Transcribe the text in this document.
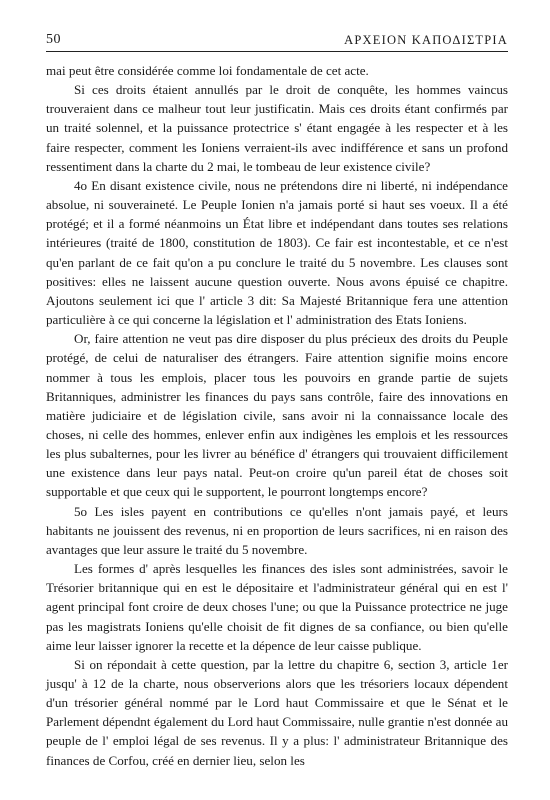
50	ΑΡΧΕΙΟΝ ΚΑΠΟΔΙΣΤΡΙΑ

mai peut être considérée comme loi fondamentale de cet acte.

Si ces droits étaient annullés par le droit de conquête, les hommes vaincus trouveraient dans ce malheur tout leur justificatin. Mais ces droits étant confirmés par un traité solennel, et la puissance protectrice s' étant engagée à les respecter et à les faire respecter, comment les Ioniens verraient-ils avec indifférence et sans un profond ressentiment dans la charte du 2 mai, le tombeau de leur existence civile?

4o En disant existence civile, nous ne prétendons dire ni liberté, ni indépendance absolue, ni souveraineté. Le Peuple Ionien n'a jamais porté si haut ses voeux. Il a été protégé; et il a formé néanmoins un État libre et indépendant dans toutes ses relations intérieures (traité de 1800, constitution de 1803). Ce fair est incontestable, et ce n'est qu'en parlant de ce fait qu'on a pu conclure le traité du 5 novembre. Les clauses sont positives: elles ne laissent aucune question ouverte. Nous avons épuisé ce chapitre. Ajoutons seulement ici que l' article 3 dit: Sa Majesté Britannique fera une attention particulière à ce qui concerne la législation et l' administration des Etats Ioniens.

Or, faire attention ne veut pas dire disposer du plus précieux des droits du Peuple protégé, de celui de naturaliser des étrangers. Faire attention signifie moins encore nommer à tous les emplois, placer tous les pouvoirs en grande partie de sujets Britanniques, administrer les finances du pays sans contrôle, faire des innovations en matière judiciaire et de législation civile, sans avoir ni la connaissance locale des choses, ni celle des hommes, enlever enfin aux indigènes les emplois et les ressources les plus subalternes, pour les livrer au bénéfice d' étrangers qui trouvaient difficilement une existence dans leur pays natal. Peut-on croire qu'un pareil état de choses soit supportable et que ceux qui le supportent, le pourront longtemps encore?

5o Les isles payent en contributions ce qu'elles n'ont jamais payé, et leurs habitants ne jouissent des revenus, ni en proportion de leurs sacrifices, ni en raison des avantages que leur assure le traité du 5 novembre.

Les formes d' après lesquelles les finances des isles sont administrées, savoir le Trésorier britannique qui en est le dépositaire et l'administrateur général qui en est l' agent principal font croire de deux choses l'une; ou que la Puissance protectrice ne juge pas les magistrats Ioniens qu'elle choisit de fit dignes de sa confiance, ou bien qu'elle aime leur laisser ignorer la recette et la dépence de leur caisse publique.

Si on répondait à cette question, par la lettre du chapitre 6, section 3, article 1er jusqu' à 12 de la charte, nous observerions alors que les trésoriers locaux dépendent d'un trésorier général nommé par le Lord haut Commissaire et que le Sénat et le Parlement dépendnt également du Lord haut Commissaire, nulle grantie n'est donnée au peuple de l' emploi légal de ses revenus. Il y a plus: l' administrateur Britannique des finances de Corfou, créé en dernier lieu, selon les
